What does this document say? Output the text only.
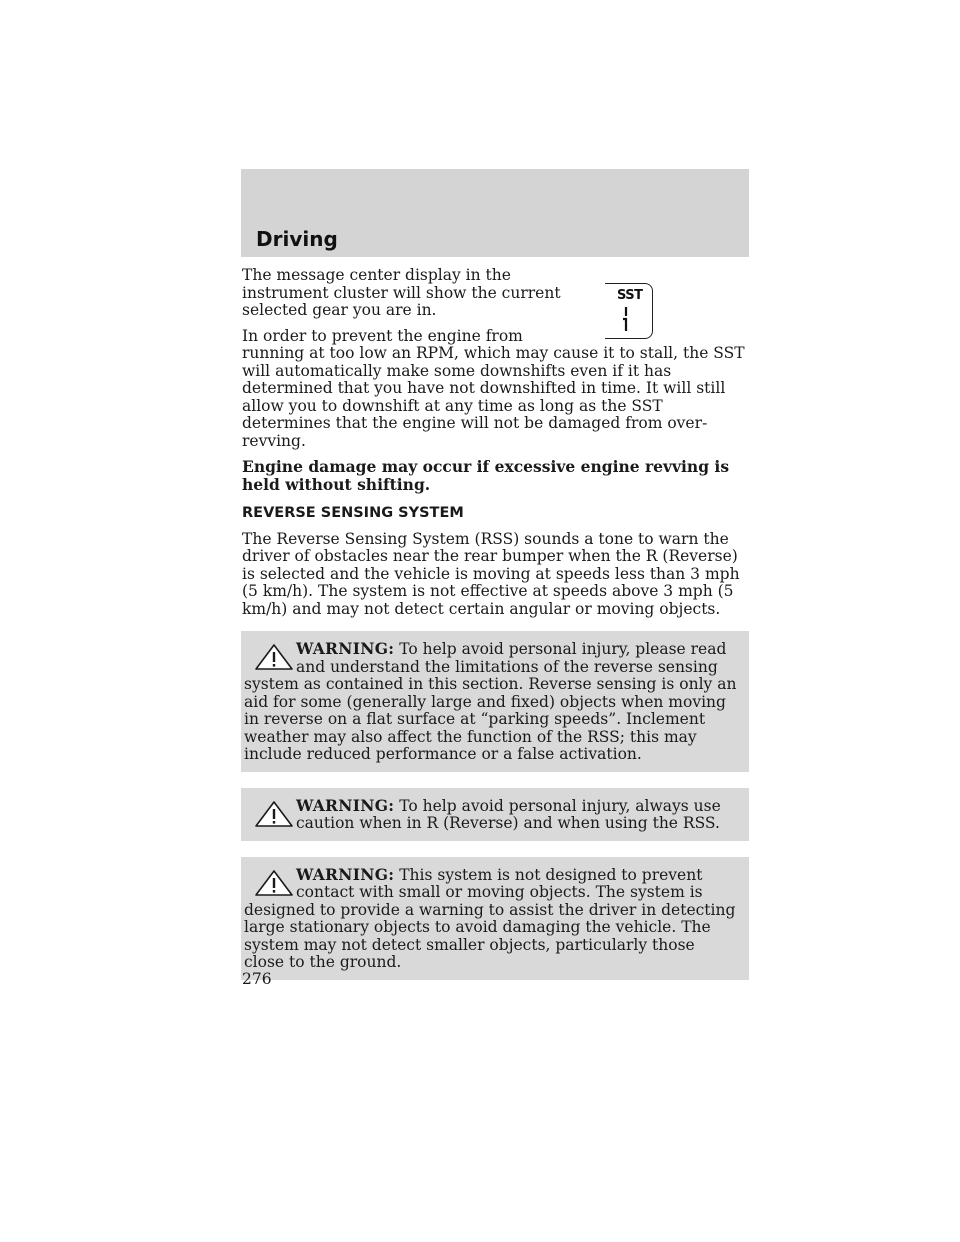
Driving
SST

The message center display in the instrument cluster will show the current selected gear you are in.

In order to prevent the engine from running at too low an RPM, which may cause it to stall, the SST will automatically make some downshifts even if it has determined that you have not downshifted in time. It will still allow you to downshift at any time as long as the SST determines that the engine will not be damaged from over-revving.

Engine damage may occur if excessive engine revving is held without shifting.

REVERSE SENSING SYSTEM

The Reverse Sensing System (RSS) sounds a tone to warn the driver of obstacles near the rear bumper when the R (Reverse) is selected and the vehicle is moving at speeds less than 3 mph (5 km/h). The system is not effective at speeds above 3 mph (5 km/h) and may not detect certain angular or moving objects.

WARNING: To help avoid personal injury, please read and understand the limitations of the reverse sensing system as contained in this section. Reverse sensing is only an aid for some (generally large and fixed) objects when moving in reverse on a flat surface at “parking speeds”. Inclement weather may also affect the function of the RSS; this may include reduced performance or a false activation.
WARNING: To help avoid personal injury, always use caution when in R (Reverse) and when using the RSS.
WARNING: This system is not designed to prevent contact with small or moving objects. The system is designed to provide a warning to assist the driver in detecting large stationary objects to avoid damaging the vehicle. The system may not detect smaller objects, particularly those close to the ground.
276
